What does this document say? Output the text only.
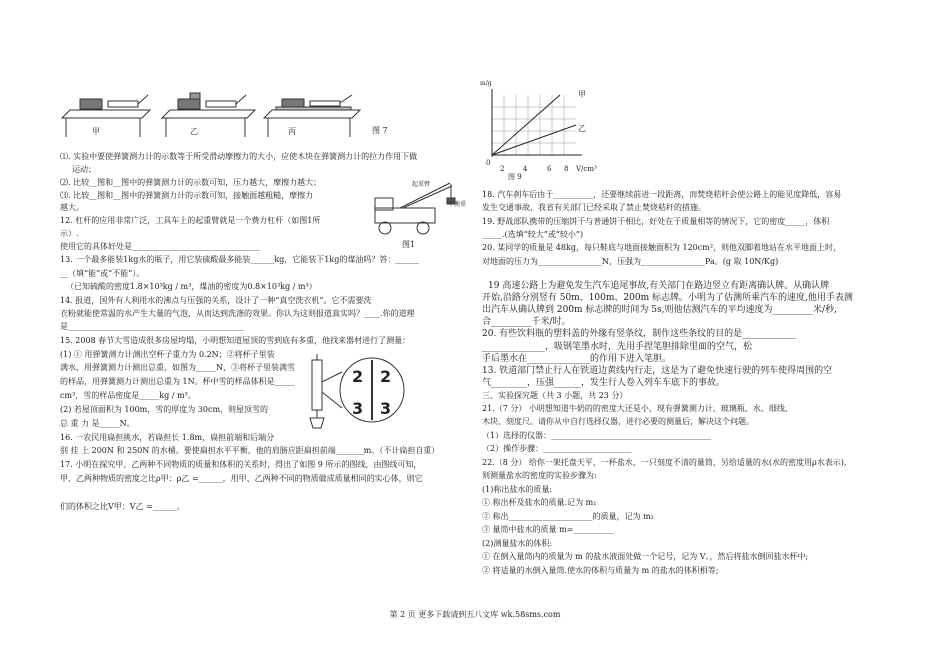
甲	乙	丙	图 7
起重臂
平衡重
图1
2 2
3 3
m/g
甲
乙
0
2	4	6 8 V/cm³
图 9
⑴. 实验中要使弹簧测力计的示数等于所受滑动摩擦力的大小，应使木块在弹簧测力计的拉力作用下做
运动；
⑵. 比较__图和__图中的弹簧测力计的示数可知，压力越大，摩擦力越大；
⑶. 比较__图和__图中的弹簧测力计的示数可知，接触面越粗糙，摩擦力
越大。
12. 杠杆的应用非常广泛，工具车上的起重臂就是一个费力杠杆（如图1所
示）.
使用它的具体好处是________________________________
13. 一个最多能装1kg水的瓶子，用它装硫酸最多能装______kg，它能装下1kg的煤油吗？答：______
__（填“能”或“不能”）。
（已知硫酸的密度1.8×10³kg / m³，煤油的密度为0.8×10³kg / m³）
14. 报道，国外有人利用水的沸点与压强的关系，设计了一种“真空洗衣机”。它不需要洗
衣粉就能使常温的水产生大量的气泡，从而达到洗涤的效果。你认为这则报道真实吗？____.你的道理
是____________________________________________
15. 2008 春节大雪造成很多房屋垮塌，小明想知道屋顶的雪到底有多重，他找来器材进行了测量：
(1) ① 用弹簧测力计测出空杯子重力为 0.2N；②将杯子里装
满水，用弹簧测力计测出总重，如图为_____N，③将杯子里装满雪
的样品，用弹簧测力计测出总重为 1N。杯中雪的样品体积是_____
cm³，雪的样品密度是_____kg / m³。
(2) 若屋顶面积为 100m，雪的厚度为 30cm，则屋顶雪的
总 重 力 是_____N。
16. 一农民用扁担挑水，若扁担长 1.8m，扁担前端和后端分
别 挂 上 200N 和 250N 的水桶。要使扁担水平平衡，他的肩膀应距扁担前端_______m。（不计扁担自重）
17. 小明在探究甲、乙两种不同物质的质量和体积的关系时，得出了如图 9 所示的图线，由图线可知，
甲、乙两种物质的密度之比ρ甲：ρ乙 =______，用甲、乙两种不同的物质做成质量相同的实心体，则它
们的体积之比V甲：V乙 =______。
18. 汽车刹车后由于__________，还要继续前进一段距离，而焚烧秸秆会使公路上的能见度降低，容易
发生交通事故，我省有关部门已经采取了禁止焚烧秸秆的措施。
19. 野战部队携带的压缩饼干与普通饼干相比，好处在于质量相等的情况下，它的密度_____，体积
_____.(选填“较大”或“较小”)
20. 某同学的质量是 48kg，每只鞋底与地面接触面积为 120cm²，则他双脚着地站在水平地面上时，
对地面的压力为________________N，压强为________________Pa。(g 取 10N/Kg)
19 高速公路上为避免发生汽车追尾事故,有关部门在路边竖立有距离确认牌。从确认牌
开始,沿路分别竖有 50m、100m、200m 标志牌。小明为了估测所乘汽车的速度,他用手表测
出汽车从确认牌到 200m 标志牌的时间为 5s,则他估测汽车的平均速度为_________米/秒,
合_________千米/时。
20. 有些饮料瓶的塑料盖的外缘有竖条纹，制作这些条纹的目的是____________
______________，吸钢笔墨水时，先用手捏笔胆排除里面的空气，松
手后墨水在______________的作用下进入笔胆。
13. 铁道部门禁止行人在铁道边黄线内行走，这是为了避免快速行驶的列车使得周围的空
气________，压强______，发生行人卷入列车车底下的事故。
三、实验探究题（共 3 小题，共 23 分）
21.（7 分） 小明想知道牛奶的的密度大还是小，现有弹簧测力计、玻璃瓶、水、细线、
木块、刻度尺。请你从中自行选择仪器，进行必要的测量后，解决这个问题。
（1）选择的仪器：________________________________________
（2）操作步骤：______________________
22.（8 分） 给你一架托盘天平，一杯盐水，一只刻度不清的量筒，另给适量的水(水的密度用ρ水表示),
则测量盐水的密度的实验步骤为:
(1)称出盐水的质量:
① 称出杯及盐水的质量.记为 m₁
② 称出_____________________的质量，记为 m₂
③ 量筒中盐水的质量 m=__________
(2)测量盐水的体积:
① 在倒入量筒内的质量为 m 的盐水液面处做一个记号，记为 V。，然后将盐水倒回盐水杯中;
② 将适量的水倒入量筒.使水的体积与质量为 m 的盐水的体积相等;
第 2 页 更多下载请到五八文库 wk.58sms.com
